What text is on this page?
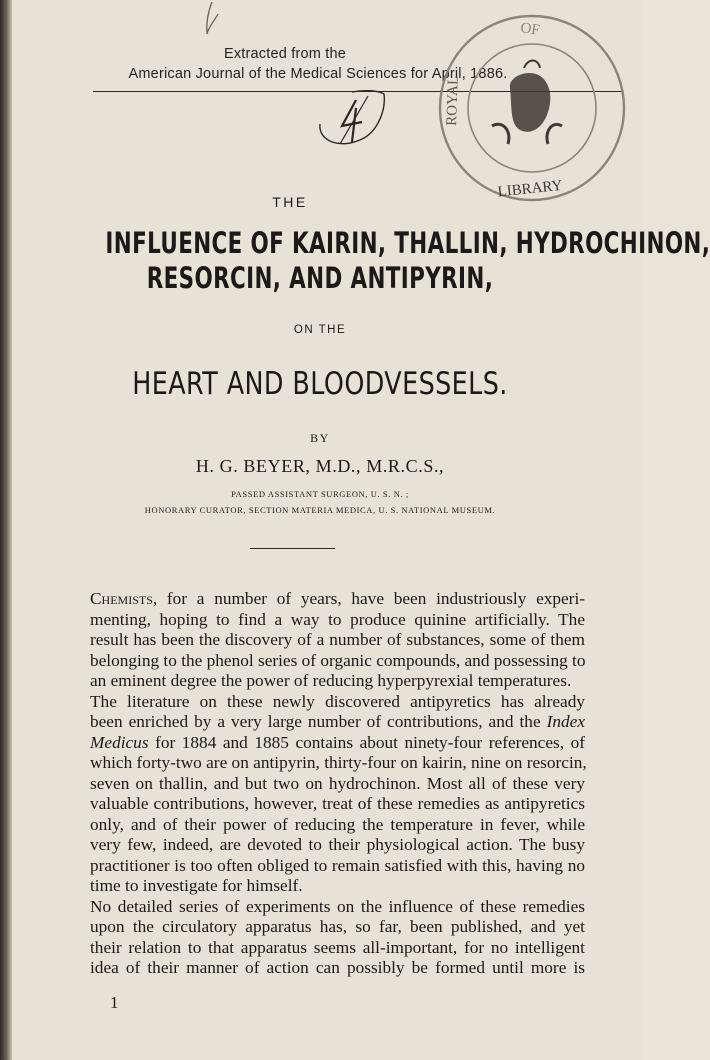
Extracted from the
American Journal of the Medical Sciences for April, 1886.
OF
ROYAL
LIBRARY
THE
INFLUENCE OF KAIRIN, THALLIN, HYDROCHINON,
RESORCIN, AND ANTIPYRIN,
ON THE
HEART AND BLOODVESSELS.
BY
H. G. BEYER, M.D., M.R.C.S.,
PASSED ASSISTANT SURGEON, U. S. N. ;
HONORARY CURATOR, SECTION MATERIA MEDICA, U. S. NATIONAL MUSEUM.
Chemists, for a number of years, have been industriously experi-
menting, hoping to find a way to produce quinine artificially. The
result has been the discovery of a number of substances, some of them
belonging to the phenol series of organic compounds, and possessing to
an eminent degree the power of reducing hyperpyrexial temperatures.
The literature on these newly discovered antipyretics has already
been enriched by a very large number of contributions, and the Index
Medicus for 1884 and 1885 contains about ninety-four references, of
which forty-two are on antipyrin, thirty-four on kairin, nine on resorcin,
seven on thallin, and but two on hydrochinon. Most all of these very
valuable contributions, however, treat of these remedies as antipyretics
only, and of their power of reducing the temperature in fever, while
very few, indeed, are devoted to their physiological action. The busy
practitioner is too often obliged to remain satisfied with this, having no
time to investigate for himself.
No detailed series of experiments on the influence of these remedies
upon the circulatory apparatus has, so far, been published, and yet
their relation to that apparatus seems all-important, for no intelligent
idea of their manner of action can possibly be formed until more is
1
